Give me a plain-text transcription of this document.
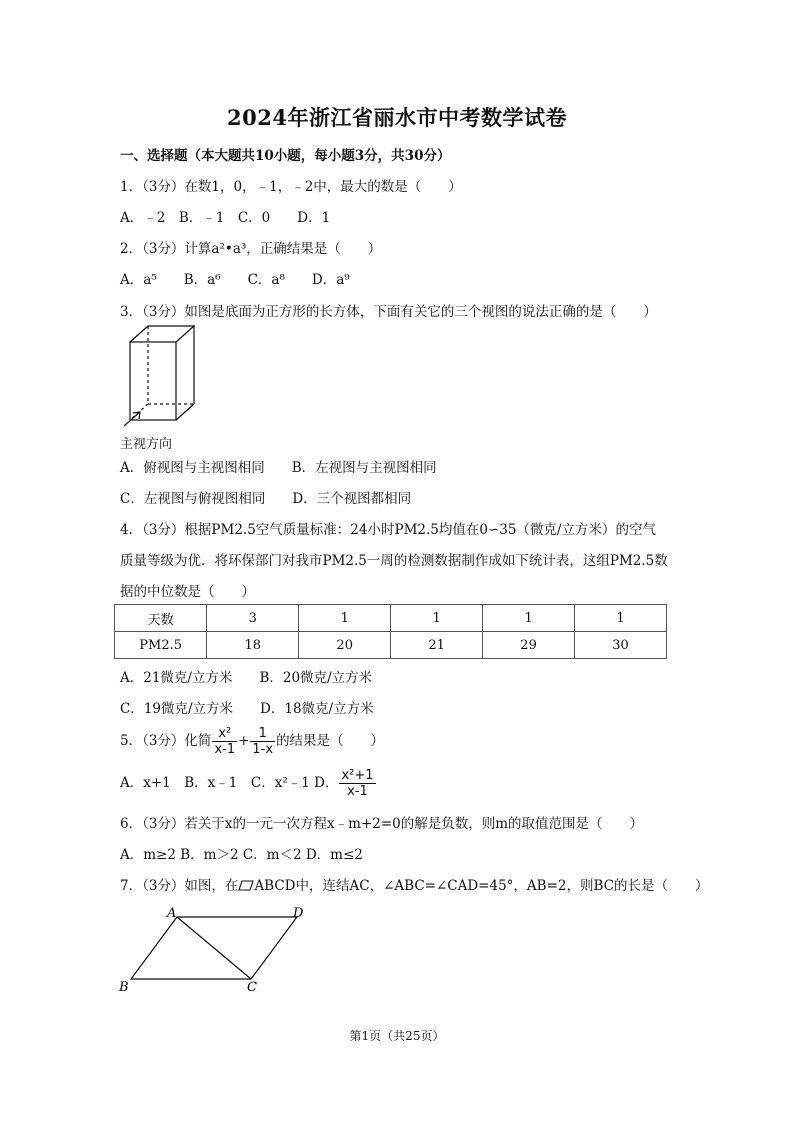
2024年浙江省丽水市中考数学试卷
一、选择题（本大题共10小题，每小题3分，共30分）
1．（3分）在数1，0，﹣1，﹣2中，最大的数是（　　）
A．﹣2　B．﹣1　C．0　　D．1
2．（3分）计算a²•a³，正确结果是（　　）
A．a⁵　　B．a⁶　　C．a⁸　　D．a⁹
3．（3分）如图是底面为正方形的长方体，下面有关它的三个视图的说法正确的是（　　）
主视方向
A．俯视图与主视图相同　　B．左视图与主视图相同
C．左视图与俯视图相同　　D．三个视图都相同
4．（3分）根据PM2.5空气质量标准：24小时PM2.5均值在0∽35（微克/立方米）的空气
质量等级为优．将环保部门对我市PM2.5一周的检测数据制作成如下统计表，这组PM2.5数
据的中位数是（　　）
天数	3	1	1	1	1
PM2.5	18	20	21	29	30
A．21微克/立方米　　B．20微克/立方米
C．19微克/立方米　　D．18微克/立方米
5．（3分）化简 $\frac{\text{x²}}{x-1} + \frac{1}{1-x}$ 的结果是（　　）
A．x+1　B．x﹣1　C．x²﹣1 D． $\frac{\text{x²+1}}{x-1}$
6．（3分）若关于x的一元一次方程x﹣m+2=0的解是负数，则m的取值范围是（　　）
A．m≥2 B．m＞2 C．m＜2 D．m≤2
7．（3分）如图，在 ABCD中，连结AC，∠ABC=∠CAD=45°，AB=2，则BC的长是（　　）
A	D
B	C
第1页（共25页）
